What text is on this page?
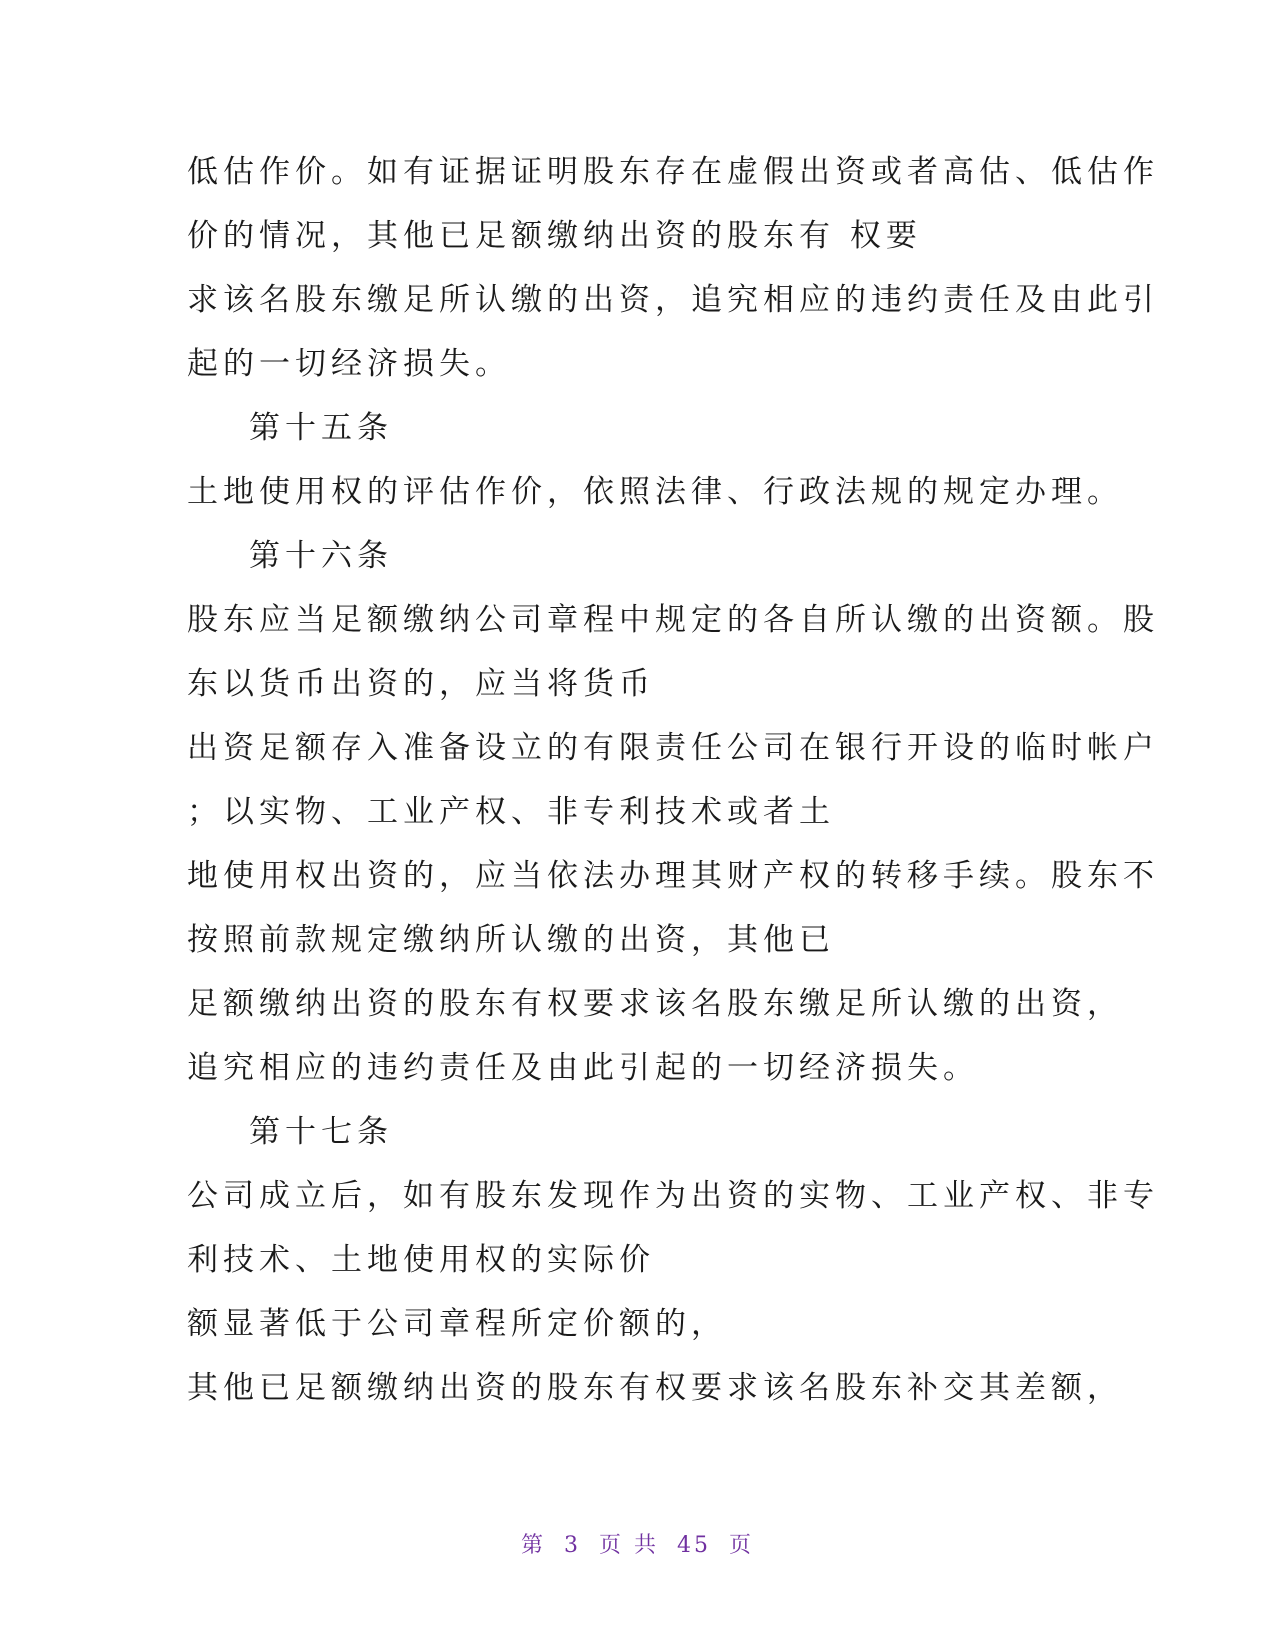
低估作价。如有证据证明股东存在虚假出资或者高估、低估作
价的情况，其他已足额缴纳出资的股东有 权要
求该名股东缴足所认缴的出资，追究相应的违约责任及由此引
起的一切经济损失。
第十五条
土地使用权的评估作价，依照法律、行政法规的规定办理。
第十六条
股东应当足额缴纳公司章程中规定的各自所认缴的出资额。股
东以货币出资的，应当将货币
出资足额存入准备设立的有限责任公司在银行开设的临时帐户
；以实物、工业产权、非专利技术或者土
地使用权出资的，应当依法办理其财产权的转移手续。股东不
按照前款规定缴纳所认缴的出资，其他已
足额缴纳出资的股东有权要求该名股东缴足所认缴的出资，
追究相应的违约责任及由此引起的一切经济损失。
第十七条
公司成立后，如有股东发现作为出资的实物、工业产权、非专
利技术、土地使用权的实际价
额显著低于公司章程所定价额的，
其他已足额缴纳出资的股东有权要求该名股东补交其差额，
第 3 页 共 45 页
